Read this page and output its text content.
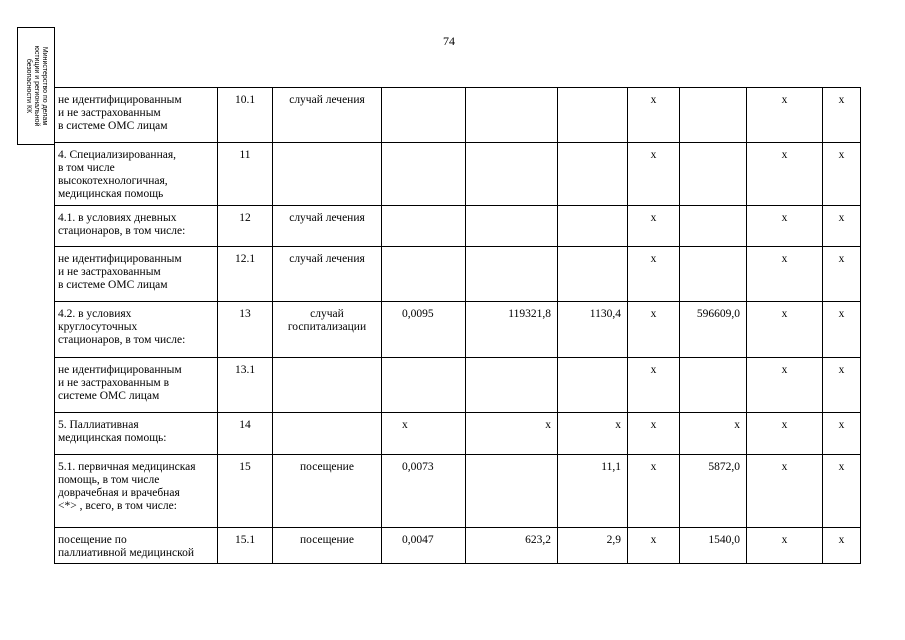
74
Министерство по делам
юстиции и региональной
безопасности КК не идентифицированным
и не застрахованным
в системе ОМС лицам	10.1	случай лечения				x		x	x
4. Специализированная,
в том числе
высокотехнологичная,
медицинская помощь	11					x		x	x
4.1. в условиях дневных
стационаров, в том числе:	12	случай лечения				x		x	x
не идентифицированным
и не застрахованным
в системе ОМС лицам	12.1	случай лечения				x		x	x
4.2. в условиях
круглосуточных
стационаров, в том числе:	13	случай
госпитализации	0,0095	119321,8	1130,4	x	596609,0	x	x
не идентифицированным
и не застрахованным в
системе ОМС лицам	13.1					x		x	x
5. Паллиативная
медицинская помощь:	14		x	x	x	x	x	x	x
5.1. первичная медицинская
помощь, в том числе
доврачебная и врачебная
<*> , всего, в том числе:	15	посещение	0,0073		11,1	x	5872,0	x	x
посещение по
паллиативной медицинской	15.1	посещение	0,0047	623,2	2,9	x	1540,0	x	x
